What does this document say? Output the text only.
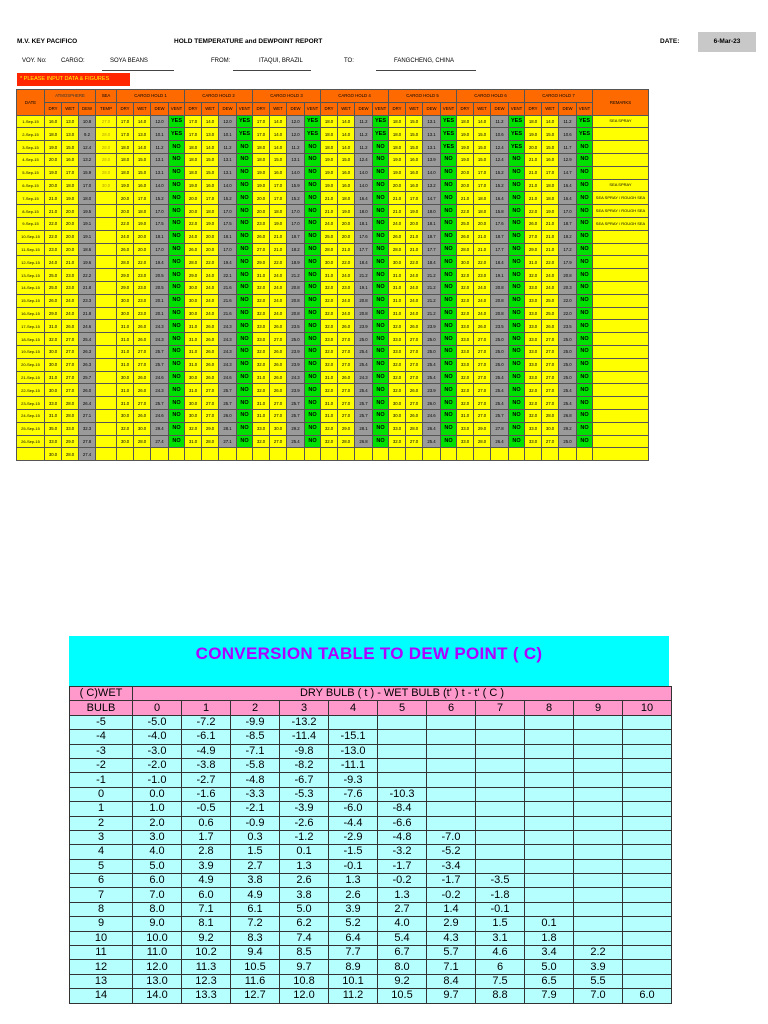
M.V. KEY PACIFICO	HOLD TEMPERATURE and DEWPOINT REPORT	DATE:	6-Mar-23
VOY. No: CARGO:	SOYA BEANS	FROM:	ITAQUI, BRAZIL	TO:	FANGCHENG, CHINA
* PLEASE INPUT DATA & FIGURES
DATE	ATMOSPHERE			SEA	CARGO HOLD 1				CARGO HOLD 2				CARGO HOLD 3				CARGO HOLD 4				CARGO HOLD 5				CARGO HOLD 6				CARGO HOLD 7				REMARKS
	DRY	WET	DEW	TEMP	DRY	WET	DEW	VENT	DRY	WET	DEW	VENT	DRY	WET	DEW	VENT	DRY	WET	DEW	VENT	DRY	WET	DEW	VENT	DRY	WET	DEW	VENT	DRY	WET	DEW	VENT	
1-Sep-15	16.0	13.0	10.8	27.0	17.0	14.0	12.0	YES	17.0	14.0	12.0	YES	17.0	14.0	12.0	YES	18.0	14.0	11.2	YES	18.0	15.0	13.1	YES	18.0	14.0	11.2	YES	18.0	14.0	11.2	YES	SEA SPRAY
2-Sep-15	18.0	13.0	9.2	28.0	17.0	13.0	10.1	YES	17.0	13.0	10.1	YES	17.0	14.0	12.0	YES	18.0	14.0	11.2	YES	18.0	15.0	13.1	YES	19.0	15.0	10.6	YES	19.0	15.0	10.6	YES	
3-Sep-15	19.0	15.0	12.4	28.0	18.0	14.0	11.2	NO	18.0	14.0	11.2	NO	18.0	14.0	11.2	NO	18.0	14.0	11.2	NO	18.0	15.0	13.1	YES	19.0	15.0	12.4	YES	20.0	15.0	11.7	NO	
4-Sep-15	20.0	16.0	13.2	28.0	18.0	15.0	13.1	NO	18.0	15.0	13.1	NO	18.0	15.0	13.1	NO	19.0	15.0	12.4	NO	19.0	16.0	13.9	NO	19.0	15.0	12.4	NO	21.0	16.0	12.9	NO	
5-Sep-15	19.0	17.0	15.9	28.0	18.0	15.0	13.1	NO	18.0	15.0	13.1	NO	19.0	16.0	14.0	NO	19.0	16.0	14.0	NO	19.0	16.0	14.0	NO	20.0	17.0	15.2	NO	21.0	17.0	14.7	NO	
6-Sep-15	20.0	18.0	17.0	30.0	19.0	16.0	14.0	NO	19.0	16.0	14.0	NO	19.0	17.0	15.9	NO	19.0	16.0	14.0	NO	20.0	16.0	13.2	NO	20.0	17.0	15.2	NO	21.0	18.0	16.4	NO	SEA SPRAY
7-Sep-15	21.0	19.0	18.0		20.0	17.0	15.2	NO	20.0	17.0	15.2	NO	20.0	17.0	15.2	NO	21.0	18.0	16.4	NO	21.0	17.0	14.7	NO	21.0	18.0	16.4	NO	21.0	18.0	16.4	NO	SEA SPRAY / ROUGH SEA
8-Sep-15	21.0	20.0	19.5		20.0	18.0	17.0	NO	20.0	18.0	17.0	NO	20.0	18.0	17.0	NO	21.0	19.0	18.0	NO	21.0	19.0	18.0	NO	22.0	18.0	15.8	NO	22.0	19.0	17.0	NO	SEA SPRAY / ROUGH SEA
9-Sep-15	22.0	20.0	19.1		22.0	19.0	17.5	NO	22.0	19.0	17.5	NO	23.0	19.0	17.0	NO	24.0	20.0	18.1	NO	24.0	20.0	18.1	NO	25.0	20.0	17.6	NO	26.0	21.0	18.7	NO	SEA SPRAY / ROUGH SEA
10-Sep-15	22.0	20.0	19.1		24.0	20.0	18.1	NO	24.0	20.0	18.1	NO	26.0	21.0	18.7	NO	25.0	20.0	17.6	NO	26.0	21.0	18.7	NO	26.0	21.0	18.7	NO	27.0	21.0	18.2	NO	
11-Sep-15	23.0	20.0	18.6		26.0	20.0	17.0	NO	26.0	20.0	17.0	NO	27.0	21.0	18.2	NO	28.0	21.0	17.7	NO	28.0	21.0	17.7	NO	28.0	21.0	17.7	NO	29.0	21.0	17.2	NO	
12-Sep-15	24.0	21.0	19.6		28.0	22.0	19.4	NO	28.0	22.0	19.4	NO	29.0	22.0	18.9	NO	30.0	22.0	18.4	NO	30.0	22.0	18.4	NO	30.0	22.0	18.4	NO	31.0	22.0	17.9	NO	
13-Sep-15	25.0	23.0	22.2		29.0	23.0	20.5	NO	29.0	24.0	22.1	NO	31.0	24.0	21.2	NO	31.0	24.0	21.2	NO	31.0	24.0	21.2	NO	32.0	23.0	19.1	NO	32.0	24.0	20.8	NO	
14-Sep-15	25.0	23.0	21.8		29.0	23.0	20.5	NO	30.0	24.0	21.6	NO	32.0	24.0	20.8	NO	32.0	23.0	19.1	NO	31.0	24.0	21.2	NO	32.0	24.0	20.8	NO	33.0	24.0	20.3	NO	
15-Sep-15	26.0	24.0	23.3		30.0	23.0	20.1	NO	30.0	24.0	21.6	NO	32.0	24.0	20.8	NO	32.0	24.0	20.8	NO	31.0	24.0	21.2	NO	32.0	24.0	20.8	NO	33.0	25.0	22.0	NO	
16-Sep-15	29.0	24.0	21.8		30.0	23.0	20.1	NO	30.0	24.0	21.6	NO	32.0	24.0	20.8	NO	32.0	24.0	20.8	NO	31.0	24.0	21.2	NO	32.0	24.0	20.8	NO	33.0	25.0	22.0	NO	
17-Sep-15	31.0	26.0	24.6		31.0	26.0	24.3	NO	31.0	26.0	24.3	NO	33.0	26.0	23.5	NO	32.0	26.0	23.9	NO	32.0	26.0	23.9	NO	33.0	26.0	23.5	NO	33.0	26.0	23.5	NO	
18-Sep-15	32.0	27.0	25.4		31.0	26.0	24.3	NO	31.0	26.0	24.3	NO	33.0	27.0	25.0	NO	33.0	27.0	25.0	NO	33.0	27.0	25.0	NO	33.0	27.0	25.0	NO	33.0	27.0	25.0	NO	
19-Sep-15	30.0	27.0	26.3		31.0	27.0	25.7	NO	31.0	26.0	24.3	NO	32.0	26.0	23.9	NO	32.0	27.0	25.4	NO	33.0	27.0	25.0	NO	33.0	27.0	25.0	NO	33.0	27.0	25.0	NO	
20-Sep-15	30.0	27.0	26.3		31.0	27.0	25.7	NO	31.0	26.0	24.3	NO	32.0	26.0	23.9	NO	32.0	27.0	25.4	NO	32.0	27.0	25.4	NO	33.0	27.0	25.0	NO	33.0	27.0	25.0	NO	
21-Sep-15	31.0	27.0	25.7		30.0	26.0	24.6	NO	30.0	26.0	24.6	NO	31.0	26.0	24.3	NO	31.0	26.0	24.3	NO	32.0	27.0	25.4	NO	32.0	27.0	25.4	NO	33.0	27.0	25.0	NO	
22-Sep-15	30.0	27.0	26.0		31.0	26.0	24.3	NO	31.0	27.0	25.7	NO	32.0	26.0	23.9	NO	32.0	27.0	25.4	NO	32.0	26.0	23.9	NO	32.0	27.0	25.4	NO	32.0	27.0	25.4	NO	
23-Sep-15	33.0	28.0	26.4		31.0	27.0	25.7	NO	30.0	27.0	25.7	NO	31.0	27.0	25.7	NO	31.0	27.0	25.7	NO	30.0	27.0	26.0	NO	32.0	27.0	25.4	NO	32.0	27.0	25.4	NO	
24-Sep-15	31.0	28.0	27.1		30.0	26.0	24.6	NO	30.0	27.0	26.0	NO	31.0	27.0	25.7	NO	31.0	27.0	25.7	NO	30.0	26.0	24.6	NO	31.0	27.0	25.7	NO	32.0	28.0	26.8	NO	
25-Sep-15	35.0	33.0	32.3		32.0	30.0	29.4	NO	32.0	29.0	28.1	NO	33.0	30.0	29.2	NO	32.0	29.0	28.1	NO	33.0	28.0	26.4	NO	33.0	29.0	27.8	NO	33.0	30.0	29.2	NO	
26-Sep-15	33.0	29.0	27.8		30.0	28.0	27.4	NO	31.0	28.0	27.1	NO	32.0	27.0	25.4	NO	32.0	28.0	26.8	NO	32.0	27.0	25.4	NO	33.0	28.0	26.4	NO	33.0	27.0	25.0	NO	
	30.0	28.0	27.4																														
CONVERSION TABLE TO DEW POINT ( C)
( C)WET	DRY BULB ( t ) - WET BULB (t' ) t - t' ( C )										
BULB	0	1	2	3	4	5	6	7	8	9	10
-5	-5.0	-7.2	-9.9	-13.2							
-4	-4.0	-6.1	-8.5	-11.4	-15.1						
-3	-3.0	-4.9	-7.1	-9.8	-13.0						
-2	-2.0	-3.8	-5.8	-8.2	-11.1						
-1	-1.0	-2.7	-4.8	-6.7	-9.3						
0	0.0	-1.6	-3.3	-5.3	-7.6	-10.3					
1	1.0	-0.5	-2.1	-3.9	-6.0	-8.4					
2	2.0	0.6	-0.9	-2.6	-4.4	-6.6					
3	3.0	1.7	0.3	-1.2	-2.9	-4.8	-7.0				
4	4.0	2.8	1.5	0.1	-1.5	-3.2	-5.2				
5	5.0	3.9	2.7	1.3	-0.1	-1.7	-3.4				
6	6.0	4.9	3.8	2.6	1.3	-0.2	-1.7	-3.5			
7	7.0	6.0	4.9	3.8	2.6	1.3	-0.2	-1.8			
8	8.0	7.1	6.1	5.0	3.9	2.7	1.4	-0.1			
9	9.0	8.1	7.2	6.2	5.2	4.0	2.9	1.5	0.1		
10	10.0	9.2	8.3	7.4	6.4	5.4	4.3	3.1	1.8		
11	11.0	10.2	9.4	8.5	7.7	6.7	5.7	4.6	3.4	2.2	
12	12.0	11.3	10.5	9.7	8.9	8.0	7.1	6	5.0	3.9	
13	13.0	12.3	11.6	10.8	10.1	9.2	8.4	7.5	6.5	5.5	
14	14.0	13.3	12.7	12.0	11.2	10.5	9.7	8.8	7.9	7.0	6.0
